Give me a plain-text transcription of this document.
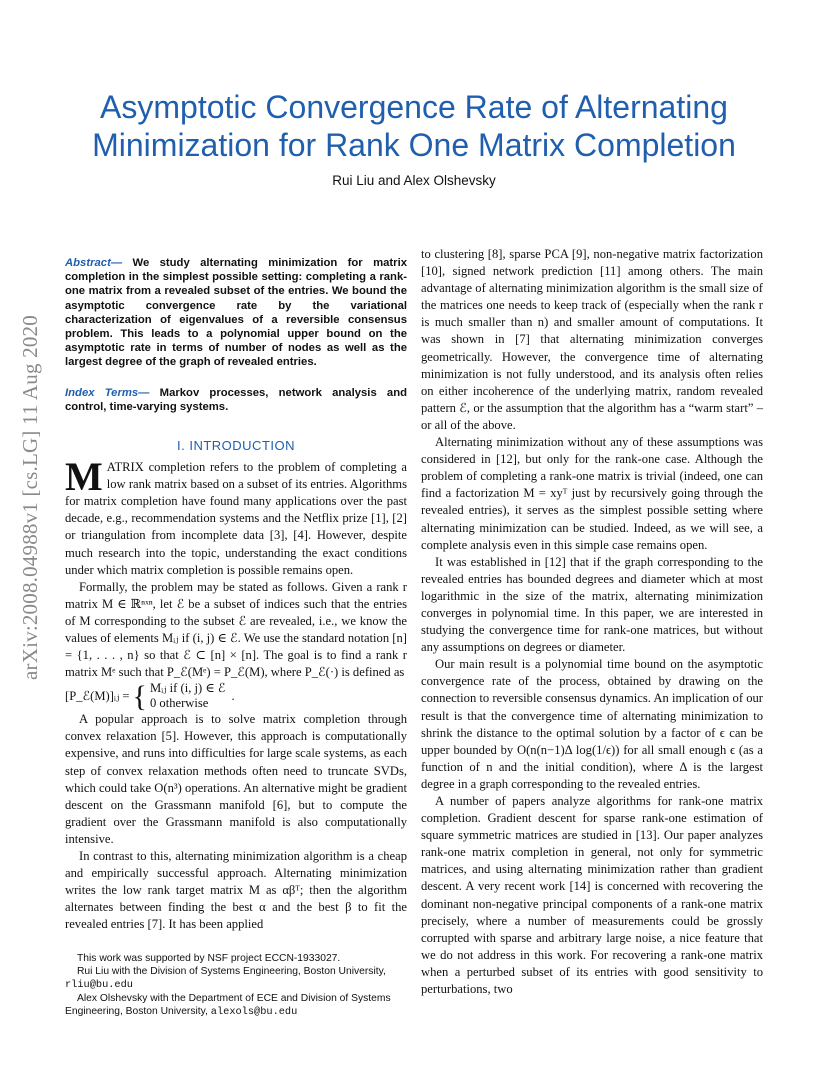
arXiv:2008.04988v1 [cs.LG] 11 Aug 2020
Asymptotic Convergence Rate of Alternating
Minimization for Rank One Matrix Completion
Rui Liu and Alex Olshevsky
Abstract— We study alternating minimization for matrix completion in the simplest possible setting: completing a rank-one matrix from a revealed subset of the entries. We bound the asymptotic convergence rate by the variational characterization of eigenvalues of a reversible consensus problem. This leads to a polynomial upper bound on the asymptotic rate in terms of number of nodes as well as the largest degree of the graph of revealed entries.
Index Terms— Markov processes, network analysis and control, time-varying systems.
I. INTRODUCTION

MATRIX completion refers to the problem of completing a low rank matrix based on a subset of its entries. Algorithms for matrix completion have found many applications over the past decade, e.g., recommendation systems and the Netflix prize [1], [2] or triangulation from incomplete data [3], [4]. However, despite much research into the topic, understanding the exact conditions under which matrix completion is possible remains open.

Formally, the problem may be stated as follows. Given a rank r matrix M ∈ ℝⁿˣⁿ, let ℰ be a subset of indices such that the entries of M corresponding to the subset ℰ are revealed, i.e., we know the values of elements Mᵢⱼ if (i, j) ∈ ℰ. We use the standard notation [n] = {1, . . . , n} so that ℰ ⊂ [n] × [n]. The goal is to find a rank r matrix Mᵉ such that P_ℰ(Mᵉ) = P_ℰ(M), where P_ℰ(·) is defined as

[P_ℰ(M)]ᵢⱼ = { Mᵢⱼ if (i, j) ∈ ℰ
0 otherwise
.

A popular approach is to solve matrix completion through convex relaxation [5]. However, this approach is computationally expensive, and runs into difficulties for large scale systems, as each step of convex relaxation methods often need to truncate SVDs, which could take O(n³) operations. An alternative might be gradient descent on the Grassmann manifold [6], but to compute the gradient over the Grassmann manifold is also computationally intensive.

In contrast to this, alternating minimization algorithm is a cheap and empirically successful approach. Alternating minimization writes the low rank target matrix M as αβᵀ; then the algorithm alternates between finding the best α and the best β to fit the revealed entries [7]. It has been applied

This work was supported by NSF project ECCN-1933027.
Rui Liu with the Division of Systems Engineering, Boston University, rliu@bu.edu
Alex Olshevsky with the Department of ECE and Division of Systems Engineering, Boston University, alexols@bu.edu

to clustering [8], sparse PCA [9], non-negative matrix factorization [10], signed network prediction [11] among others. The main advantage of alternating minimization algorithm is the small size of the matrices one needs to keep track of (especially when the rank r is much smaller than n) and smaller amount of computations. It was shown in [7] that alternating minimization converges geometrically. However, the convergence time of alternating minimization is not fully understood, and its analysis often relies on either incoherence of the underlying matrix, random revealed pattern ℰ, or the assumption that the algorithm has a “warm start” – or all of the above.

Alternating minimization without any of these assumptions was considered in [12], but only for the rank-one case. Although the problem of completing a rank-one matrix is trivial (indeed, one can find a factorization M = xyᵀ just by recursively going through the revealed entries), it serves as the simplest possible setting where alternating minimization can be studied. Indeed, as we will see, a complete analysis even in this simple case remains open.

It was established in [12] that if the graph corresponding to the revealed entries has bounded degrees and diameter which at most logarithmic in the size of the matrix, alternating minimization converges in polynomial time. In this paper, we are interested in studying the convergence time for rank-one matrices, but without any assumptions on degrees or diameter.

Our main result is a polynomial time bound on the asymptotic convergence rate of the process, obtained by drawing on the connection to reversible consensus dynamics. An implication of our result is that the convergence time of alternating minimization to shrink the distance to the optimal solution by a factor of ϵ can be upper bounded by O(n(n−1)Δ log(1/ϵ)) for all small enough ϵ (as a function of n and the initial condition), where Δ is the largest degree in a graph corresponding to the revealed entries.

A number of papers analyze algorithms for rank-one matrix completion. Gradient descent for sparse rank-one estimation of square symmetric matrices are studied in [13]. Our paper analyzes rank-one matrix completion in general, not only for symmetric matrices, and using alternating minimization rather than gradient descent. A very recent work [14] is concerned with recovering the dominant non-negative principal components of a rank-one matrix precisely, where a number of measurements could be grossly corrupted with sparse and arbitrary large noise, a nice feature that we do not address in this work. For recovering a rank-one matrix when a perturbed subset of its entries with good sensitivity to perturbations, two
